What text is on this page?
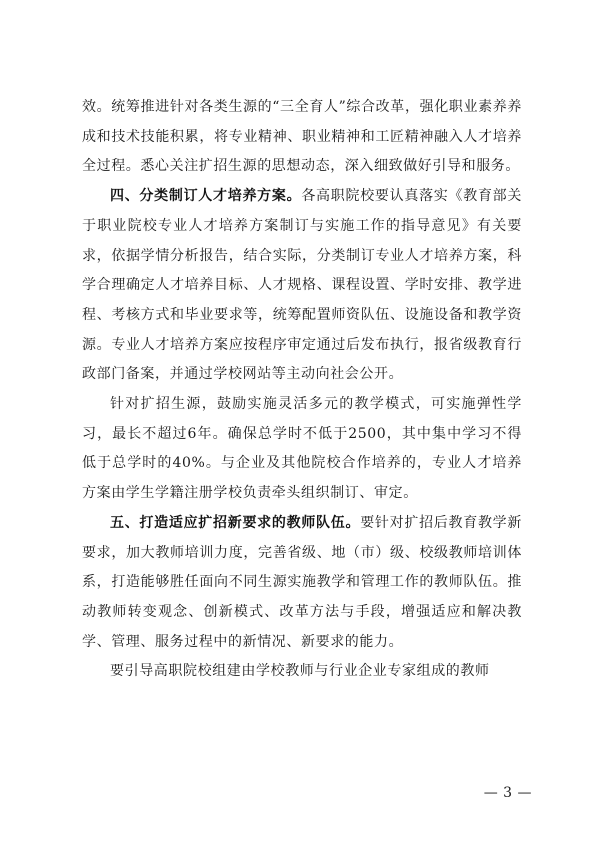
效。统筹推进针对各类生源的“三全育人”综合改革，强化职业素养养成和技术技能积累，将专业精神、职业精神和工匠精神融入人才培养全过程。悉心关注扩招生源的思想动态，深入细致做好引导和服务。

四、分类制订人才培养方案。各高职院校要认真落实《教育部关于职业院校专业人才培养方案制订与实施工作的指导意见》有关要求，依据学情分析报告，结合实际，分类制订专业人才培养方案，科学合理确定人才培养目标、人才规格、课程设置、学时安排、教学进程、考核方式和毕业要求等，统筹配置师资队伍、设施设备和教学资源。专业人才培养方案应按程序审定通过后发布执行，报省级教育行政部门备案，并通过学校网站等主动向社会公开。

针对扩招生源，鼓励实施灵活多元的教学模式，可实施弹性学习，最长不超过6年。确保总学时不低于2500，其中集中学习不得低于总学时的40%。与企业及其他院校合作培养的，专业人才培养方案由学生学籍注册学校负责牵头组织制订、审定。

五、打造适应扩招新要求的教师队伍。要针对扩招后教育教学新要求，加大教师培训力度，完善省级、地（市）级、校级教师培训体系，打造能够胜任面向不同生源实施教学和管理工作的教师队伍。推动教师转变观念、创新模式、改革方法与手段，增强适应和解决教学、管理、服务过程中的新情况、新要求的能力。

要引导高职院校组建由学校教师与行业企业专家组成的教师

— 3 —
